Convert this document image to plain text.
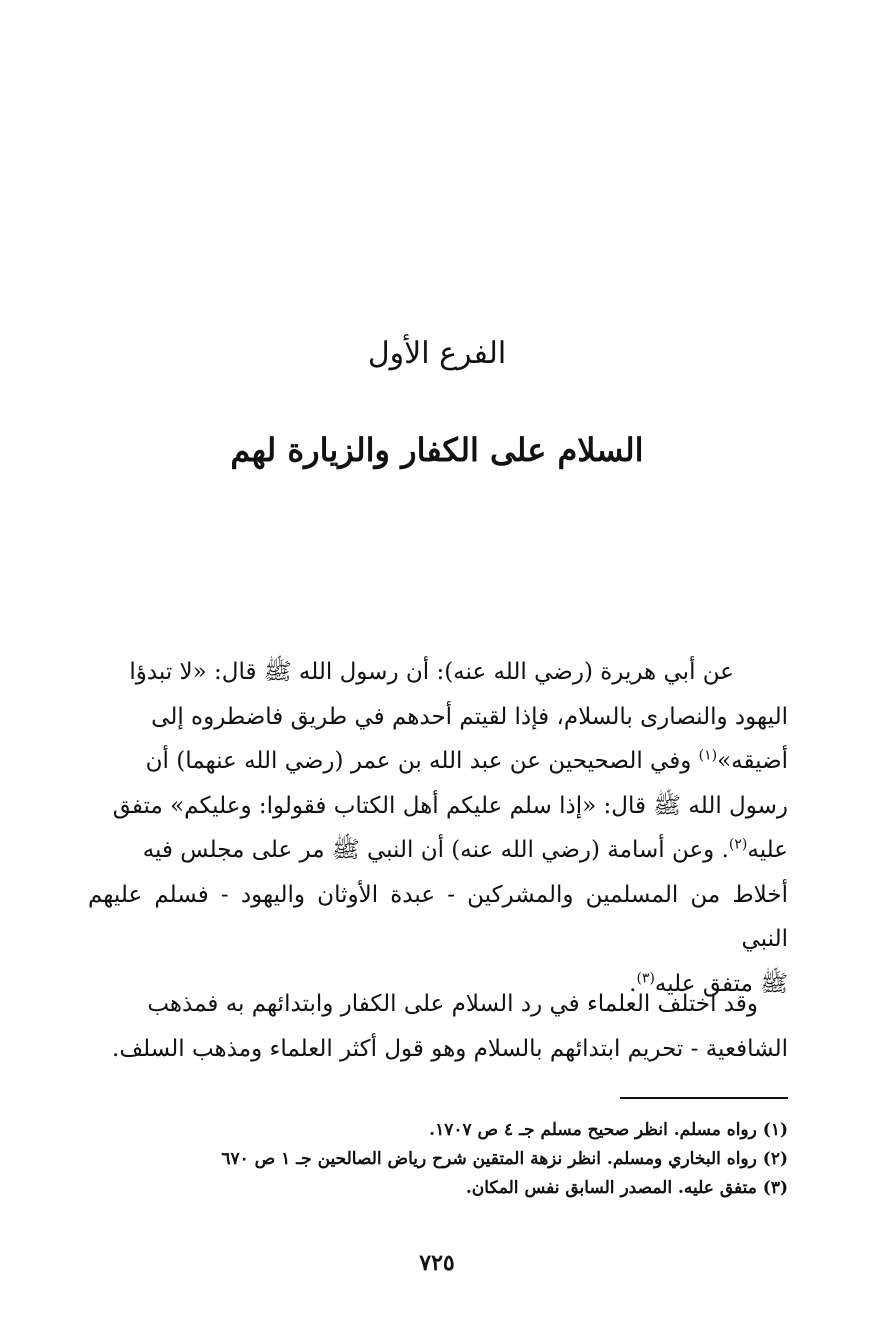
الفرع الأول
السلام على الكفار والزيارة لهم
عن أبي هريرة (رضي الله عنه): أن رسول الله ﷺ قال: «لا تبدؤا
اليهود والنصارى بالسلام، فإذا لقيتم أحدهم في طريق فاضطروه إلى
أضيقه»$^{(١)}$ وفي الصحيحين عن عبد الله بن عمر (رضي الله عنهما) أن
رسول الله ﷺ قال: «إذا سلم عليكم أهل الكتاب فقولوا: وعليكم» متفق
عليه$^{(٢)}$. وعن أسامة (رضي الله عنه) أن النبي ﷺ مر على مجلس فيه
أخلاط من المسلمين والمشركين - عبدة الأوثان واليهود - فسلم عليهم النبي
ﷺ متفق عليه$^{(٣)}$.
وقد اختلف العلماء في رد السلام على الكفار وابتدائهم به فمذهب
الشافعية - تحريم ابتدائهم بالسلام وهو قول أكثر العلماء ومذهب السلف.
(١) رواه مسلم. انظر صحيح مسلم جـ ٤ ص ١٧٠٧.
(٢) رواه البخاري ومسلم. انظر نزهة المتقين شرح رياض الصالحين جـ ١ ص ٦٧٠
(٣) متفق عليه. المصدر السابق نفس المكان.
٧٢٥
